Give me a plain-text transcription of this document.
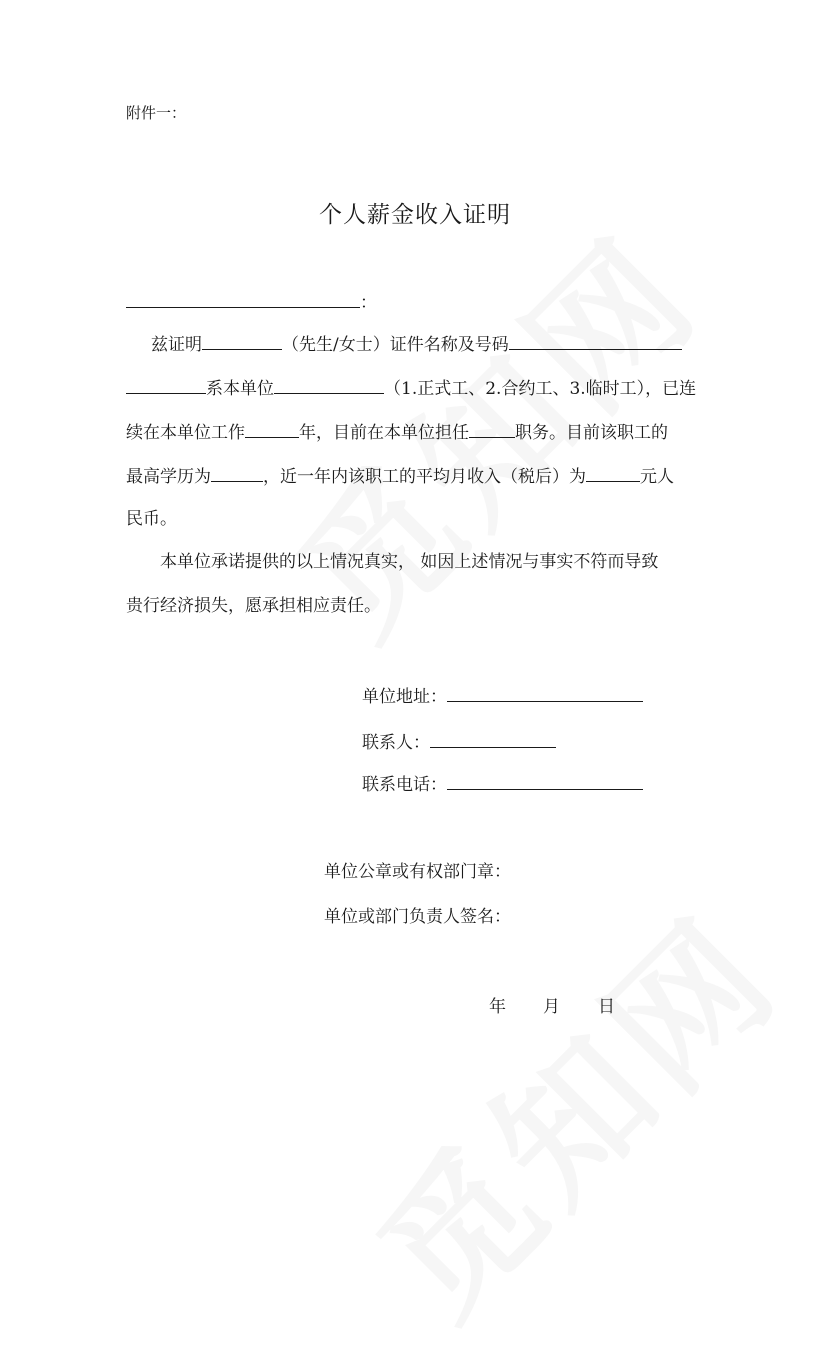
附件一：
个人薪金收入证明
：
兹证明	（先生/女士）证件名称及号码
系本单位	（1.正式工、2.合约工、3.临时工），已连
续在本单位工作	年，目前在本单位担任	职务。目前该职工的
最高学历为	，近一年内该职工的平均月收入（税后）为	元人
民币。
本单位承诺提供的以上情况真实， 如因上述情况与事实不符而导致
贵行经济损失，愿承担相应责任。
单位地址：
联系人：
联系电话：
单位公章或有权部门章：
单位或部门负责人签名：
年 月 日
